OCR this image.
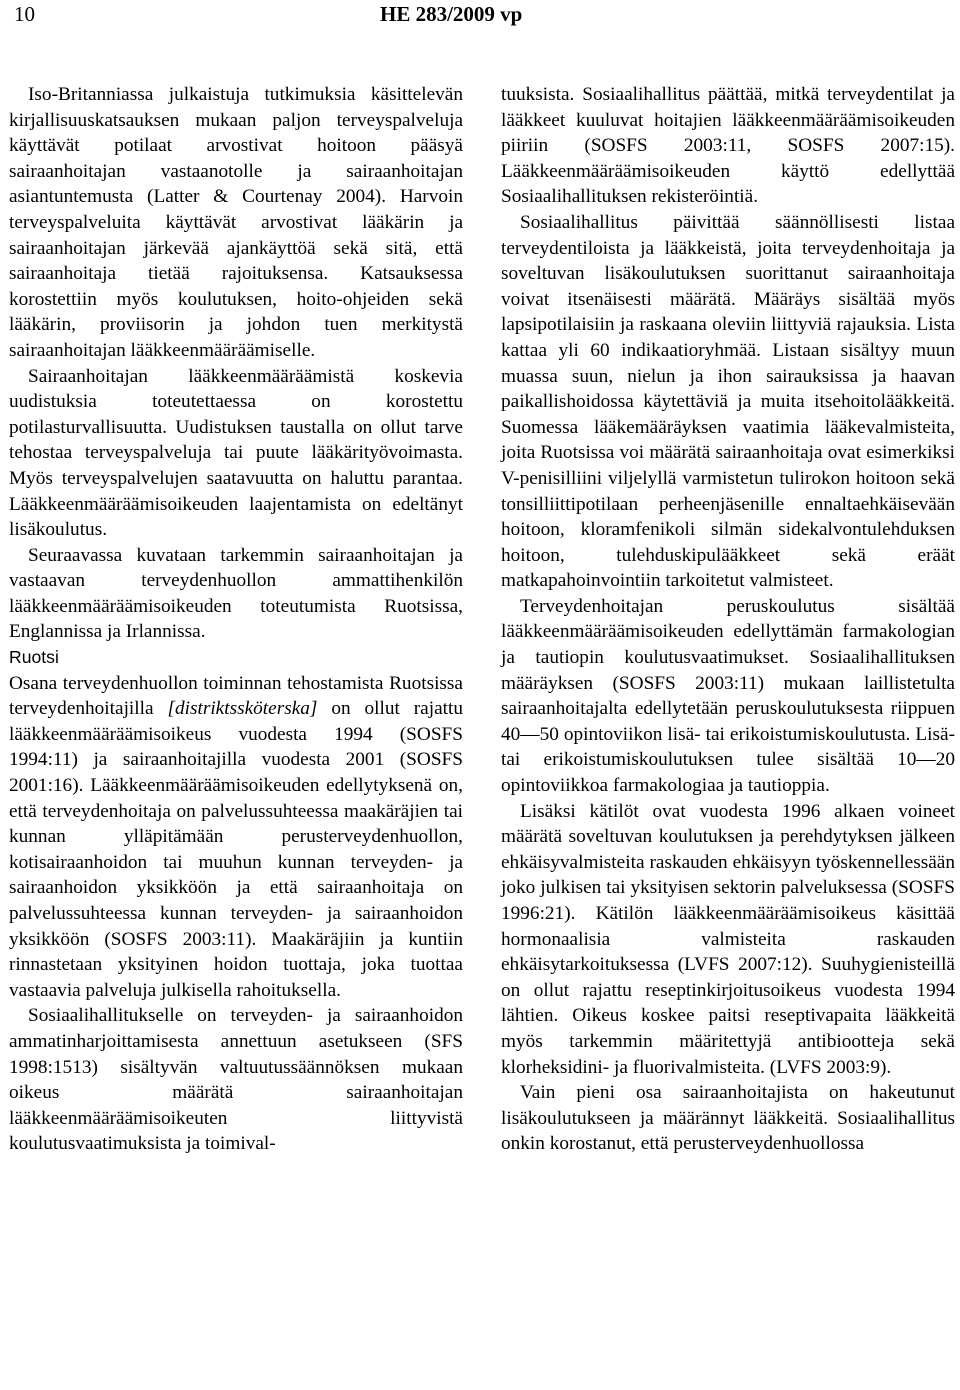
10	HE 283/2009 vp

Iso-Britanniassa julkaistuja tutkimuksia käsittelevän kirjallisuuskatsauksen mukaan paljon terveyspalveluja käyttävät potilaat arvostivat hoitoon pääsyä sairaanhoitajan vastaanotolle ja sairaanhoitajan asiantuntemusta (Latter & Courtenay 2004). Harvoin terveyspalveluita käyttävät arvostivat lääkärin ja sairaanhoitajan järkevää ajankäyttöä sekä sitä, että sairaanhoitaja tietää rajoituksensa. Katsauksessa korostettiin myös koulutuksen, hoito-ohjeiden sekä lääkärin, proviisorin ja johdon tuen merkitystä sairaanhoitajan lääkkeenmääräämiselle.

Sairaanhoitajan lääkkeenmääräämistä koskevia uudistuksia toteutettaessa on korostettu potilasturvallisuutta. Uudistuksen taustalla on ollut tarve tehostaa terveyspalveluja tai puute lääkärityövoimasta. Myös terveyspalvelujen saatavuutta on haluttu parantaa. Lääkkeenmääräämisoikeuden laajentamista on edeltänyt lisäkoulutus.

Seuraavassa kuvataan tarkemmin sairaanhoitajan ja vastaavan terveydenhuollon ammattihenkilön lääkkeenmääräämisoikeuden toteutumista Ruotsissa, Englannissa ja Irlannissa.

Ruotsi

Osana terveydenhuollon toiminnan tehostamista Ruotsissa terveydenhoitajilla [distriktssköterska] on ollut rajattu lääkkeenmääräämisoikeus vuodesta 1994 (SOSFS 1994:11) ja sairaanhoitajilla vuodesta 2001 (SOSFS 2001:16). Lääkkeenmääräämisoikeuden edellytyksenä on, että terveydenhoitaja on palvelussuhteessa maakäräjien tai kunnan ylläpitämään perusterveydenhuollon, kotisairaanhoidon tai muuhun kunnan terveyden- ja sairaanhoidon yksikköön ja että sairaanhoitaja on palvelussuhteessa kunnan terveyden- ja sairaanhoidon yksikköön (SOSFS 2003:11). Maakäräjiin ja kuntiin rinnastetaan yksityinen hoidon tuottaja, joka tuottaa vastaavia palveluja julkisella rahoituksella.

Sosiaalihallitukselle on terveyden- ja sairaanhoidon ammatinharjoittamisesta annettuun asetukseen (SFS 1998:1513) sisältyvän valtuutussäännöksen mukaan oikeus määrätä sairaanhoitajan lääkkeenmääräämisoikeuten liittyvistä koulutusvaatimuksista ja toimival-

tuuksista. Sosiaalihallitus päättää, mitkä terveydentilat ja lääkkeet kuuluvat hoitajien lääkkeenmääräämisoikeuden piiriin (SOSFS 2003:11, SOSFS 2007:15). Lääkkeenmääräämisoikeuden käyttö edellyttää Sosiaalihallituksen rekisteröintiä.

Sosiaalihallitus päivittää säännöllisesti listaa terveydentiloista ja lääkkeistä, joita terveydenhoitaja ja soveltuvan lisäkoulutuksen suorittanut sairaanhoitaja voivat itsenäisesti määrätä. Määräys sisältää myös lapsipotilaisiin ja raskaana oleviin liittyviä rajauksia. Lista kattaa yli 60 indikaatioryhmää. Listaan sisältyy muun muassa suun, nielun ja ihon sairauksissa ja haavan paikallishoidossa käytettäviä ja muita itsehoitolääkkeitä. Suomessa lääkemääräyksen vaatimia lääkevalmisteita, joita Ruotsissa voi määrätä sairaanhoitaja ovat esimerkiksi V-penisilliini viljelyllä varmistetun tulirokon hoitoon sekä tonsilliittipotilaan perheenjäsenille ennaltaehkäisevään hoitoon, kloramfenikoli silmän sidekalvontulehduksen hoitoon, tulehduskipulääkkeet sekä eräät matkapahoinvointiin tarkoitetut valmisteet.

Terveydenhoitajan peruskoulutus sisältää lääkkeenmääräämisoikeuden edellyttämän farmakologian ja tautiopin koulutusvaatimukset. Sosiaalihallituksen määräyksen (SOSFS 2003:11) mukaan laillistetulta sairaanhoitajalta edellytetään peruskoulutuksesta riippuen 40—50 opintoviikon lisä- tai erikoistumiskoulutusta. Lisä- tai erikoistumiskoulutuksen tulee sisältää 10—20 opintoviikkoa farmakologiaa ja tautioppia.

Lisäksi kätilöt ovat vuodesta 1996 alkaen voineet määrätä soveltuvan koulutuksen ja perehdytyksen jälkeen ehkäisyvalmisteita raskauden ehkäisyyn työskennellessään joko julkisen tai yksityisen sektorin palveluksessa (SOSFS 1996:21). Kätilön lääkkeenmääräämisoikeus käsittää hormonaalisia valmisteita raskauden ehkäisytarkoituksessa (LVFS 2007:12). Suuhygienisteillä on ollut rajattu reseptinkirjoitusoikeus vuodesta 1994 lähtien. Oikeus koskee paitsi reseptivapaita lääkkeitä myös tarkemmin määritettyjä antibiootteja sekä klorheksidini- ja fluorivalmisteita. (LVFS 2003:9).

Vain pieni osa sairaanhoitajista on hakeutunut lisäkoulutukseen ja määrännyt lääkkeitä. Sosiaalihallitus onkin korostanut, että perusterveydenhuollossa
